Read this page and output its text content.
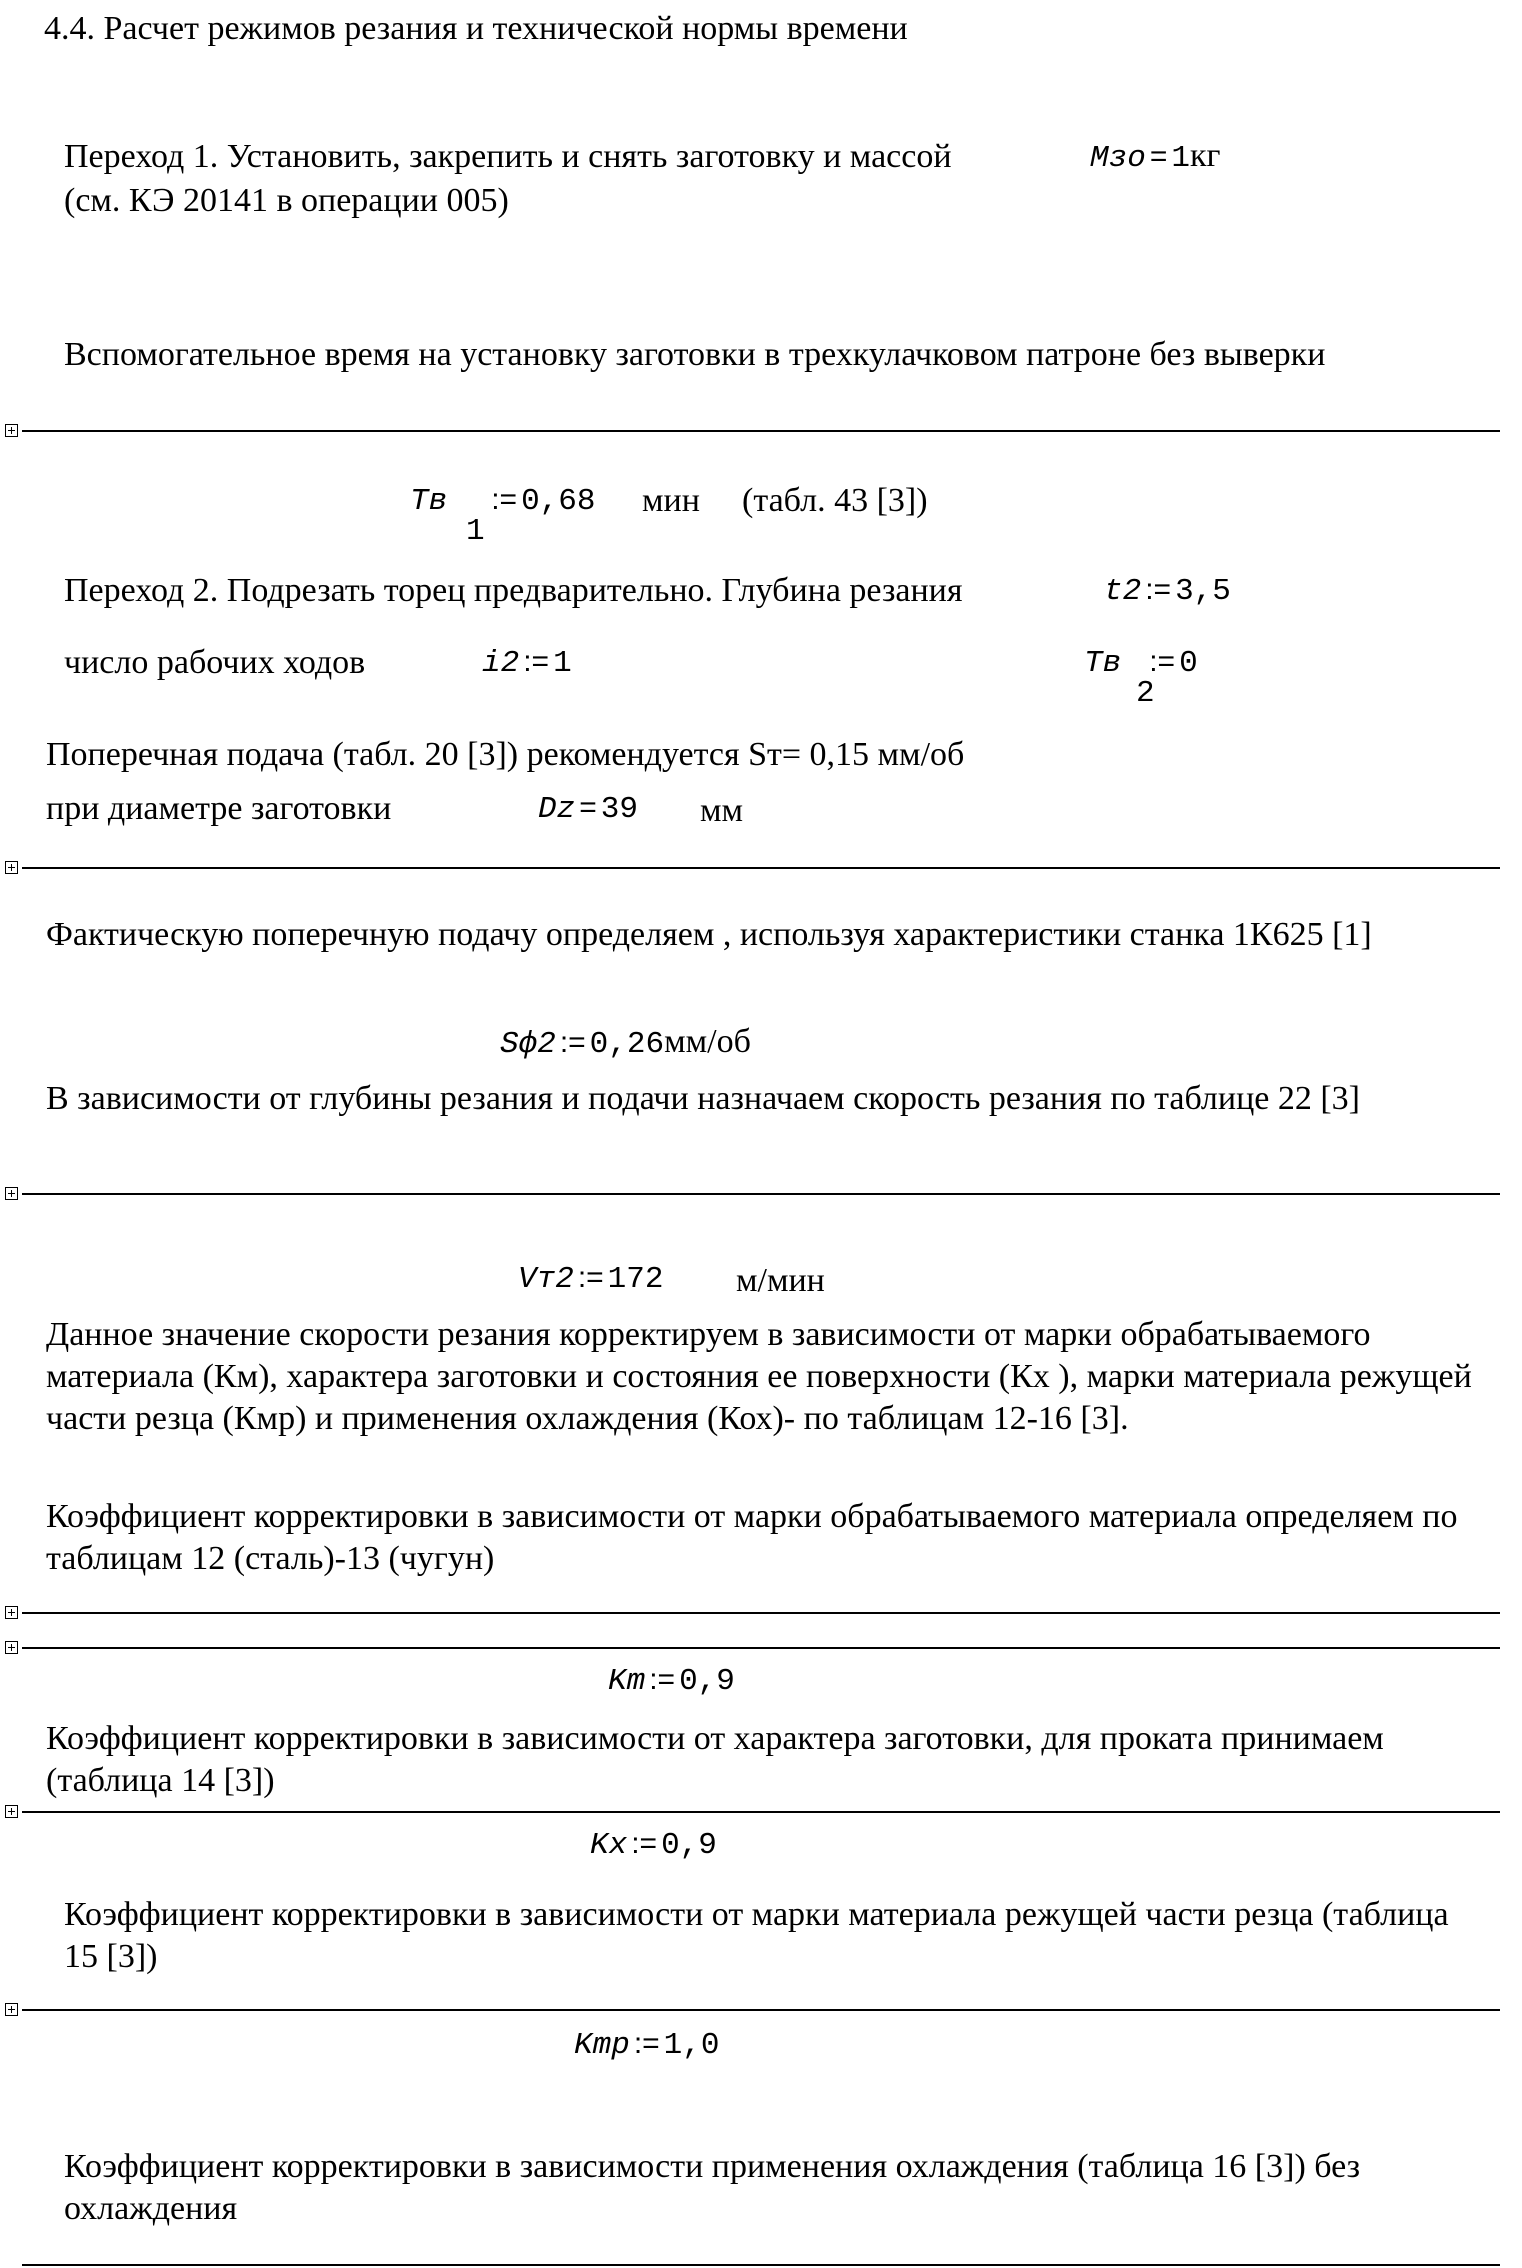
4.4. Расчет режимов резания и технической нормы времени
Переход 1. Установить, закрепить и снять заготовку и массой	Mзо = 1кг
(см. КЭ 20141 в операции 005)
Вспомогательное время на установку заготовки в трехкулачковом патроне без выверки
Tв := 0,68
1
мин (табл. 43 [3])
Переход 2. Подрезать торец предварительно. Глубина резания	t2 := 3,5
число рабочих ходов	i2 := 1	Tв := 0
2
Поперечная подача (табл. 20 [3]) рекомендуется Sт= 0,15 мм/об
при диаметре заготовки	Dz = 39 мм
Фактическую поперечную подачу определяем , используя характеристики станка 1К625 [1]
Sф2 := 0,26мм/об
В зависимости от глубины резания и подачи назначаем скорость резания по таблице 22 [3]
Vт2 := 172 м/мин
Данное значение скорости резания корректируем в зависимости от марки обрабатываемого материала (Км), характера заготовки и состояния ее поверхности (Кх ), марки материала режущей части резца (Кмр) и применения охлаждения (Кох)- по таблицам 12-16 [3].
Коэффициент корректировки в зависимости от марки обрабатываемого материала определяем по таблицам 12 (сталь)-13 (чугун)
Km := 0,9
Коэффициент корректировки в зависимости от характера заготовки, для проката принимаем (таблица 14 [3])
Kx := 0,9
Коэффициент корректировки в зависимости от марки материала режущей части резца (таблица 15 [3])
Kmp := 1,0
Коэффициент корректировки в зависимости применения охлаждения (таблица 16 [3]) без охлаждения
